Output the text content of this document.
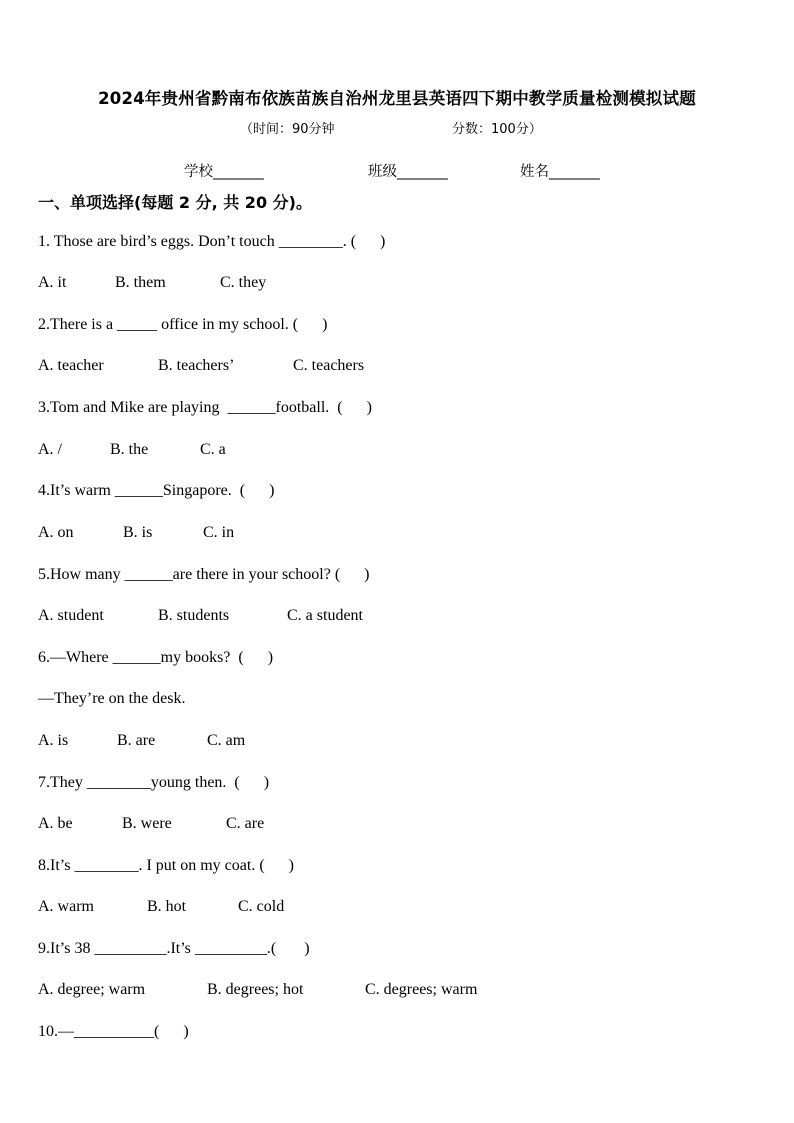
2024年贵州省黔南布依族苗族自治州龙里县英语四下期中教学质量检测模拟试题
（时间：90分钟	分数：100分）
学校_______	班级_______	姓名_______
一、单项选择(每题 2 分, 共 20 分)。
1. Those are bird’s eggs. Don’t touch ________. (      )
A. it	B. them	C. they
2.There is a _____ office in my school. (      )
A. teacher	B. teachers’	C. teachers
3.Tom and Mike are playing  ______football.  (      )
A. /	B. the	C. a
4.It’s warm ______Singapore.  (      )
A. on	B. is	C. in
5.How many ______are there in your school? (      )
A. student	B. students	C. a student
6.—Where ______my books?  (      )
—They’re on the desk.
A. is	B. are	C. am
7.They ________young then.  (      )
A. be	B. were	C. are
8.It’s ________. I put on my coat. (      )
A. warm	B. hot	C. cold
9.It’s 38 _________.It’s _________.(       )
A. degree; warm	B. degrees; hot	C. degrees; warm
10.—__________(      )
